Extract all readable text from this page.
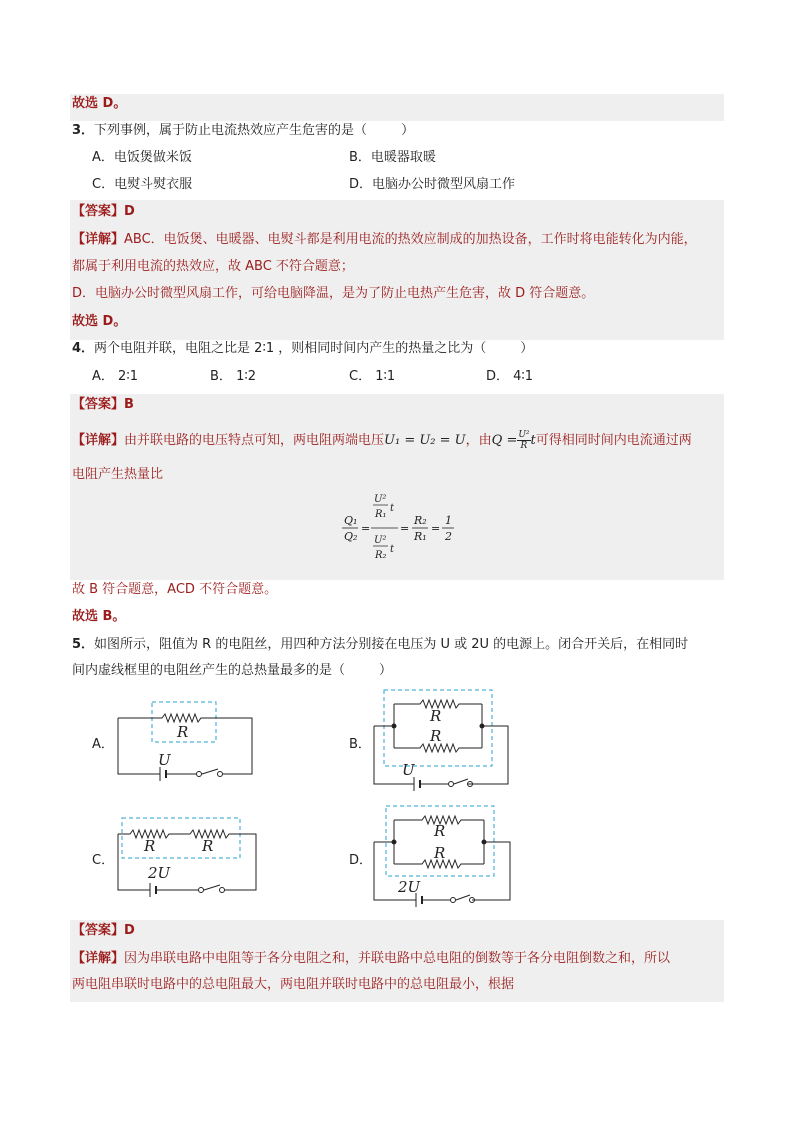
故选 D。
3．下列事例，属于防止电流热效应产生危害的是（	）
A．电饭煲做米饭	B．电暖器取暖
C．电熨斗熨衣服	D．电脑办公时微型风扇工作
【答案】D
【详解】ABC．电饭煲、电暖器、电熨斗都是利用电流的热效应制成的加热设备，工作时将电能转化为内能，
都属于利用电流的热效应，故 ABC 不符合题意；
D．电脑办公时微型风扇工作，可给电脑降温，是为了防止电热产生危害，故 D 符合题意。
故选 D。
4．两个电阻并联，电阻之比是 2∶1 ，则相同时间内产生的热量之比为（	）
A． 2∶1	B． 1∶2	C． 1∶1	D． 4∶1
【答案】B
【详解】由并联电路的电压特点可知，两电阻两端电压U₁ = U₂ = U，由$Q = \frac{\text{U²}}{R}$ t可得相同时间内电流通过两
电阻产生热量比
Q₁
Q₂
=
U²
R₁
t
U²
R₂
t
=
R₂
R₁
=
1
2
故 B 符合题意，ACD 不符合题意。
故选 B。
5．如图所示，阻值为 R 的电阻丝，用四种方法分别接在电压为 U 或 2U 的电源上。闭合开关后，在相同时
间内虚线框里的电阻丝产生的总热量最多的是（	）
A．
R
U
B．
R
R
U
C．
R	R
2U
D．
R
R
2U
【答案】D
【详解】因为串联电路中电阻等于各分电阻之和，并联电路中总电阻的倒数等于各分电阻倒数之和，所以
两电阻串联时电路中的总电阻最大，两电阻并联时电路中的总电阻最小，根据
